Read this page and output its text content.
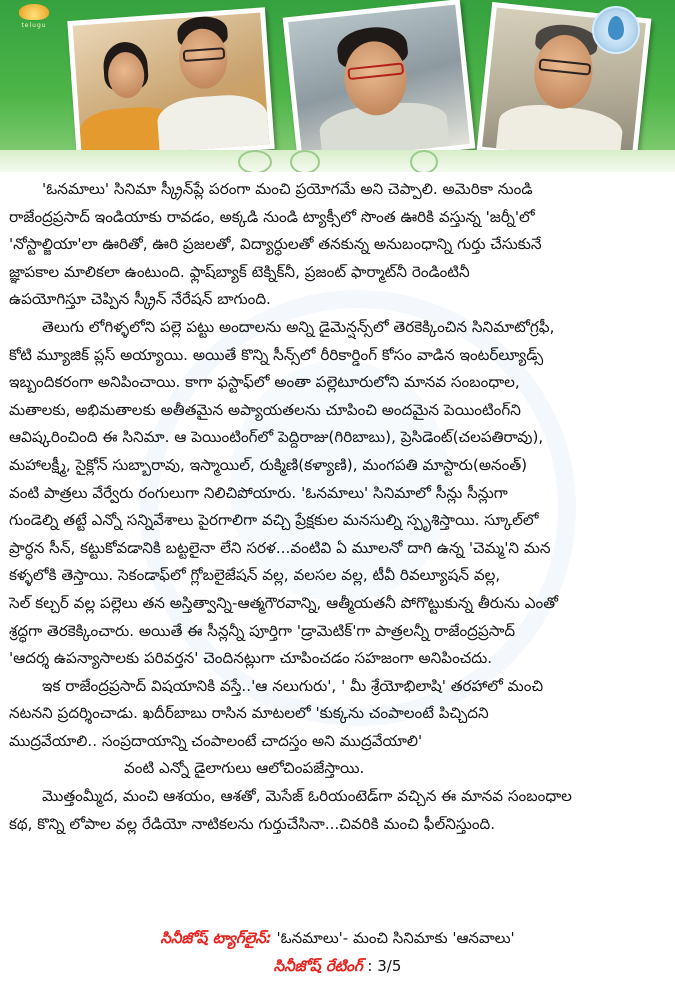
telugu

'ఓనమాలు' సినిమా స్క్రీన్‌ప్లే పరంగా మంచి ప్రయోగమే అని చెప్పాలి. అమెరికా నుండి

రాజేంద్రప్రసాద్ ఇండియాకు రావడం, అక్కడి నుండి ట్యాక్సీలో సొంత ఊరికి వస్తున్న 'జర్నీ'లో

'నోస్టాల్జియా'లా ఊరితో, ఊరి ప్రజలతో, విద్యార్ధులతో తనకున్న అనుబంధాన్ని గుర్తు చేసుకునే

జ్ఞాపకాల మాలికలా ఉంటుంది. ఫ్లాష్‌బ్యాక్ టెక్నిక్‌నీ, ప్రజంట్ ఫార్మాట్‌నీ రెండింటినీ

ఉపయోగిస్తూ చెప్పిన స్క్రీన్ నేరేషన్ బాగుంది.

తెలుగు లోగిళ్ళలోని పల్లె పట్టు అందాలను అన్ని డైమెన్షన్స్‌లో తెరకెక్కించిన సినిమాటోగ్రఫీ,

కోటి మ్యూజిక్ ప్లస్ అయ్యాయి. అయితే కొన్ని సీన్స్‌లో రీరికార్డింగ్ కోసం వాడిన ఇంటర్‌ల్యూడ్స్

ఇబ్బందికరంగా అనిపించాయి. కాగా ఫస్టాఫ్‌లో అంతా పల్లెటూరులోని మానవ సంబంధాల,

మతాలకు, అభిమతాలకు అతీతమైన అప్యాయతలను చూపించి అందమైన పెయింటింగ్‌ని

ఆవిష్కరించింది ఈ సినిమా. ఆ పెయింటింగ్‌లో పెద్దిరాజు(గిరిబాబు), ప్రెసిడెంట్(చలపతిరావు),

మహాలక్ష్మీ, సైక్లోన్ సుబ్బారావు, ఇస్మాయిల్, రుక్మిణి(కళ్యాణి), మంగపతి మాస్టారు(అనంత్)

వంటి పాత్రలు వేర్వేరు రంగులుగా నిలిచిపోయారు. 'ఓనమాలు' సినిమాలో సీన్లు సీన్లుగా

గుండెల్ని తట్టే ఎన్నో సన్నివేశాలు పైరగాలిగా వచ్చి ప్రేక్షకుల మనసుల్ని స్పృశిస్తాయి. స్కూల్‌లో

ప్రార్ధన సీన్, కట్టుకోవడానికి బట్టలైనా లేని సరళ...వంటివి ఏ మూలనో దాగి ఉన్న 'చెమ్మ'ని మన

కళ్ళలోకి తెస్తాయి. సెకండాఫ్‌లో గ్లోబలైజేషన్ వల్ల, వలసల వల్ల, టీవీ రివల్యూషన్ వల్ల,

సెల్ కల్చర్ వల్ల పల్లెలు తన అస్తిత్వాన్ని-ఆత్మగౌరవాన్ని, ఆత్మీయతనీ పోగొట్టుకున్న తీరును ఎంతో

శ్రద్ధగా తెరకెక్కించారు. అయితే ఈ సీన్లన్నీ పూర్తిగా 'డ్రామెటిక్'గా పాత్రలన్నీ రాజేంద్రప్రసాద్

'ఆదర్శ ఉపన్యాసాలకు పరివర్తన' చెందినట్లుగా చూపించడం సహజంగా అనిపించదు.

ఇక రాజేంద్రప్రసాద్ విషయానికి వస్తే..'ఆ నలుగురు', ' మీ శ్రేయోభిలాషి' తరహాలో మంచి

నటనని ప్రదర్శించాడు. ఖదీర్‌బాబు రాసిన మాటలలో 'కుక్కను చంపాలంటే పిచ్చిదని

ముద్రవేయాలి.. సంప్రదాయాన్ని చంపాలంటే చాదస్తం అని ముద్రవేయాలి'

వంటి ఎన్నో డైలాగులు ఆలోచింపజేస్తాయి.

మొత్తంమ్మీద, మంచి ఆశయం, ఆశతో, మెసేజ్ ఓరియంటెడ్‌గా వచ్చిన ఈ మానవ సంబంధాల

కథ, కొన్ని లోపాల వల్ల రేడియో నాటికలను గుర్తుచేసినా...చివరికి మంచి ఫీల్‌నిస్తుంది.

సినీజోష్ ట్యాగ్‌లైన్: 'ఓనమాలు'- మంచి సినిమాకు 'ఆనవాలు'
సినీజోష్ రేటింగ్ : 3/5
